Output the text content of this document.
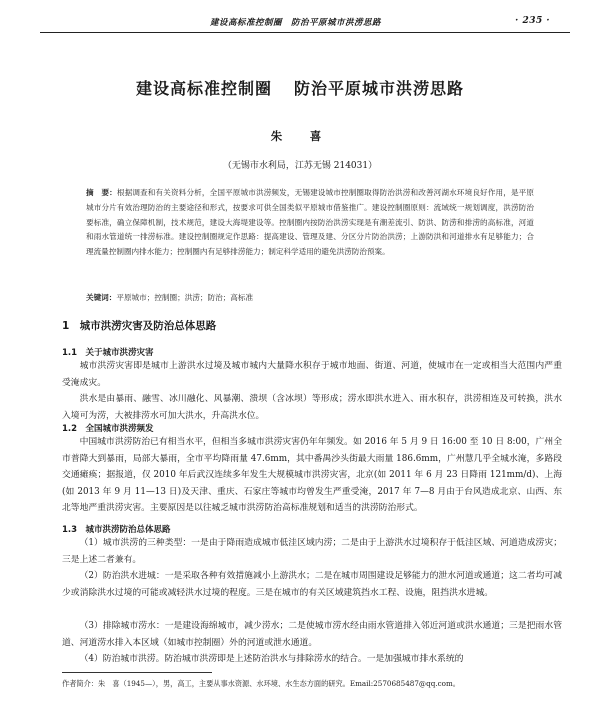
建设高标准控制圈　防治平原城市洪涝思路	· 235 ·
建设高标准控制圈 防治平原城市洪涝思路
朱　喜
（无锡市水利局，江苏无锡 214031）
摘　要：根据调查和有关资料分析，全国平原城市洪涝频发，无锡建设城市控制圈取得防治洪涝和改善河湖水环境良好作用，是平原城市分片有效治理防治的主要途径和形式，按要求可供全国类似平原城市借鉴推广。建设控制圈原则：流域统一规划调度，洪涝防治要标准，确立保障机制，技术规范，建设大海堤建设等。控制圈内按防治洪涝实现是有潮差流引、防洪、防涝和排涝的高标准，河道和雨水管道统一排涝标准。建设控制圈规定作思路：提高建设、管理及建、分区分片防治洪涝；上游防洪和河道排水有足够能力；合理流量控制圈内排水能力；控制圈内有足够排涝能力；制定科学适用的避免洪涝防治预案。
关键词：平原城市；控制圈；洪涝；防治；高标准
1　城市洪涝灾害及防治总体思路
1.1　关于城市洪涝灾害

城市洪涝灾害即是城市上游洪水过境及城市城内大量降水积存于城市地面、街道、河道，使城市在一定或相当大范围内严重受淹成灾。

洪水是由暴雨、融雪、冰川融化、风暴潮、溃坝（含冰坝）等形成；涝水即洪水进入、雨水积存，洪涝相连及可转换，洪水入境可为涝，大被排涝水可加大洪水，升高洪水位。

1.2　全国城市洪涝频发

中国城市洪涝防治已有相当水平，但相当多城市洪涝灾害仍年年频发。如 2016 年 5 月 9 日 16:00 至 10 日 8:00，广州全市普降大到暴雨，局部大暴雨，全市平均降雨量 47.6mm，其中番禺沙头街最大雨量 186.6mm，广州慧几乎全城水淹，多路段交通瘫痪；据报道，仅 2010 年后武汉连续多年发生大规模城市洪涝灾害，北京(如 2011 年 6 月 23 日降雨 121mm/d)、上海(如 2013 年 9 月 11—13 日)及天津、重庆、石家庄等城市均曾发生严重受淹，2017 年 7—8 月由于台风造成北京、山西、东北等地严重洪涝灾害。主要原因是以往城乏城市洪涝防治高标准规划和适当的洪涝防治形式。

1.3　城市洪涝防治总体思路

（1）城市洪涝的三种类型：一是由于降雨造成城市低洼区域内涝；二是由于上游洪水过境积存于低洼区域、河道造成涝灾；三是上述二者兼有。

（2）防治洪水进城：一是采取各种有效措施减小上游洪水；二是在城市周围建设足够能力的泄水河道或通道；这二者均可减少或消除洪水过境的可能或减轻洪水过境的程度。三是在城市的有关区域建筑挡水工程、设施，阻挡洪水进城。

（3）排除城市涝水：一是建设海绵城市，减少涝水；二是使城市涝水经由雨水管道排入邻近河道或洪水通道；三是把雨水管道、河道涝水排入本区域（如城市控制圈）外的河道或泄水通道。

（4）防治城市洪涝。防治城市洪涝即是上述防治洪水与排除涝水的结合。一是加强城市排水系统的

作者简介：朱　喜（1945—），男，高工，主要从事水资源、水环境、水生态方面的研究。Email:2570685487@qq.com。
